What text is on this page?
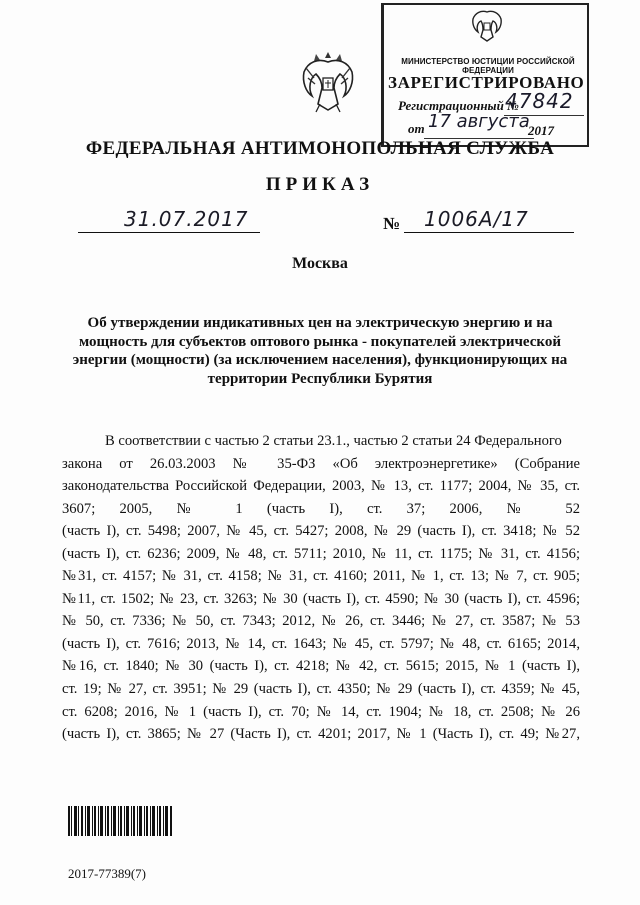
МИНИСТЕРСТВО ЮСТИЦИИ РОССИЙСКОЙ ФЕДЕРАЦИИ
ЗАРЕГИСТРИРОВАНО
Регистрационный №
47842
от 17 августа
2017
ФЕДЕРАЛЬНАЯ АНТИМОНОПОЛЬНАЯ СЛУЖБА
ПРИКАЗ
31.07.2017	№ 1006А/17
Москва
Об утверждении индикативных цен на электрическую энергию и на
мощность для субъектов оптового рынка - покупателей электрической
энергии (мощности) (за исключением населения), функционирующих на
территории Республики Бурятия
В соответствии с частью 2 статьи 23.1., частью 2 статьи 24 Федерального
закона от 26.03.2003 № 35-ФЗ «Об электроэнергетике» (Собрание
законодательства Российской Федерации, 2003, № 13, ст. 1177; 2004, № 35, ст.
3607; 2005, № 1 (часть I), ст. 37; 2006, № 52
(часть I), ст. 5498; 2007, № 45, ст. 5427; 2008, № 29 (часть I), ст. 3418; № 52
(часть I), ст. 6236; 2009, № 48, ст. 5711; 2010, № 11, ст. 1175; № 31, ст. 4156;
№31, ст. 4157; № 31, ст. 4158; № 31, ст. 4160; 2011, № 1, ст. 13; № 7, ст. 905;
№11, ст. 1502; № 23, ст. 3263; № 30 (часть I), ст. 4590; № 30 (часть I), ст. 4596;
№ 50, ст. 7336; № 50, ст. 7343; 2012, № 26, ст. 3446; № 27, ст. 3587; № 53
(часть I), ст. 7616; 2013, № 14, ст. 1643; № 45, ст. 5797; № 48, ст. 6165; 2014,
№16, ст. 1840; № 30 (часть I), ст. 4218; № 42, ст. 5615; 2015, № 1 (часть I),
ст. 19; № 27, ст. 3951; № 29 (часть I), ст. 4350; № 29 (часть I), ст. 4359; № 45,
ст. 6208; 2016, № 1 (часть I), ст. 70; № 14, ст. 1904; № 18, ст. 2508; № 26
(часть I), ст. 3865; № 27 (Часть I), ст. 4201; 2017, № 1 (Часть I), ст. 49; №27,
2017-77389(7)
